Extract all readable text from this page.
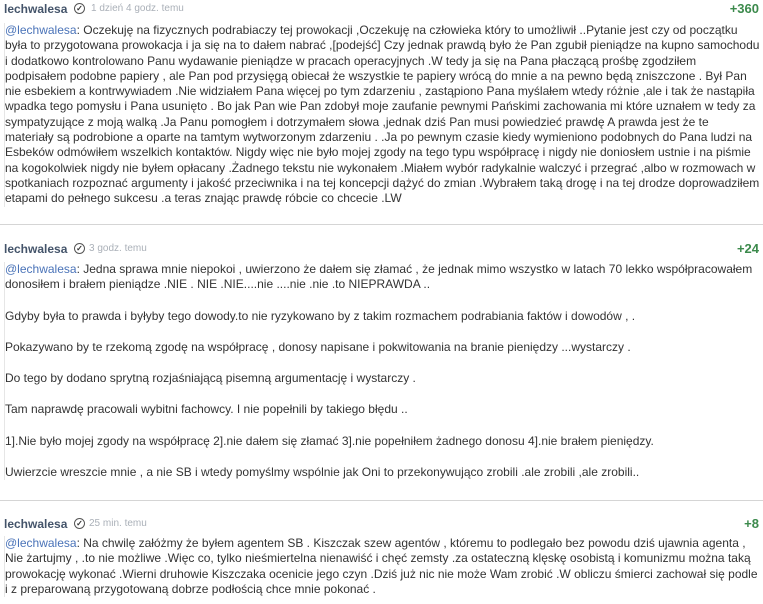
lechwalesa ✓ 1 dzień 4 godz. temu	+360

@lechwalesa: Oczekuję na fizycznych podrabiaczy tej prowokacji ,Oczekuję na człowieka który to umożliwił ..Pytanie jest czy od początku była to przygotowana prowokacja i ja się na to dałem nabrać ,[podejść] Czy jednak prawdą było że Pan zgubił pieniądze na kupno samochodu i dodatkowo kontrolowano Panu wydawanie pieniądze w pracach operacyjnych .W tedy ja się na Pana płaczącą prośbę zgodziłem podpisałem podobne papiery , ale Pan pod przysięgą obiecał że wszystkie te papiery wrócą do mnie a na pewno będą zniszczone . Był Pan nie esbekiem a kontrwywiadem .Nie widziałem Pana więcej po tym zdarzeniu , zastąpiono Pana myślałem wtedy różnie ,ale i tak że nastąpiła wpadka tego pomysłu i Pana usunięto . Bo jak Pan wie Pan zdobył moje zaufanie pewnymi Pańskimi zachowania mi które uznałem w tedy za sympatyzujące z moją walką .Ja Panu pomogłem i dotrzymałem słowa ,jednak dziś Pan musi powiedzieć prawdę A prawda jest że te materiały są podrobione a oparte na tamtym wytworzonym zdarzeniu . .Ja po pewnym czasie kiedy wymieniono podobnych do Pana ludzi na Esbeków odmówiłem wszelkich kontaktów. Nigdy więc nie było mojej zgody na tego typu współpracę i nigdy nie doniosłem ustnie i na piśmie na kogokolwiek nigdy nie byłem opłacany .Żadnego tekstu nie wykonałem .Miałem wybór radykalnie walczyć i przegrać ,albo w rozmowach w spotkaniach rozpoznać argumenty i jakość przeciwnika i na tej koncepcji dążyć do zmian .Wybrałem taką drogę i na tej drodze doprowadziłem etapami do pełnego sukcesu .a teras znając prawdę róbcie co chcecie .LW

lechwalesa ✓ 3 godz. temu	+24

@lechwalesa: Jedna sprawa mnie niepokoi , uwierzono że dałem się złamać , że jednak mimo wszystko w latach 70 lekko współpracowałem donosiłem i brałem pieniądze .NIE . NIE .NIE....nie ....nie .nie .to NIEPRAWDA ..

Gdyby była to prawda i byłyby tego dowody.to nie ryzykowano by z takim rozmachem podrabiania faktów i dowodów , .

Pokazywano by te rzekomą zgodę na współpracę , donosy napisane i pokwitowania na branie pieniędzy ...wystarczy .

Do tego by dodano sprytną rozjaśniającą pisemną argumentację i wystarczy .

Tam naprawdę pracowali wybitni fachowcy. I nie popełnili by takiego błędu ..

1].Nie było mojej zgody na współpracę 2].nie dałem się złamać 3].nie popełniłem żadnego donosu 4].nie brałem pieniędzy.

Uwierzcie wreszcie mnie , a nie SB i wtedy pomyślmy wspólnie jak Oni to przekonywująco zrobili .ale zrobili ,ale zrobili..

lechwalesa ✓ 25 min. temu	+8

@lechwalesa: Na chwilę załóżmy że byłem agentem SB . Kiszczak szew agentów , któremu to podlegało bez powodu dziś ujawnia agenta , Nie żartujmy , .to nie możliwe .Więc co, tylko nieśmiertelna nienawiść i chęć zemsty .za ostateczną klęskę osobistą i komunizmu można taką prowokację wykonać .Wierni druhowie Kiszczaka ocenicie jego czyn .Dziś już nic nie może Wam zrobić .W obliczu śmierci zachował się podle i z preparowaną przygotowaną dobrze podłością chce mnie pokonać .
